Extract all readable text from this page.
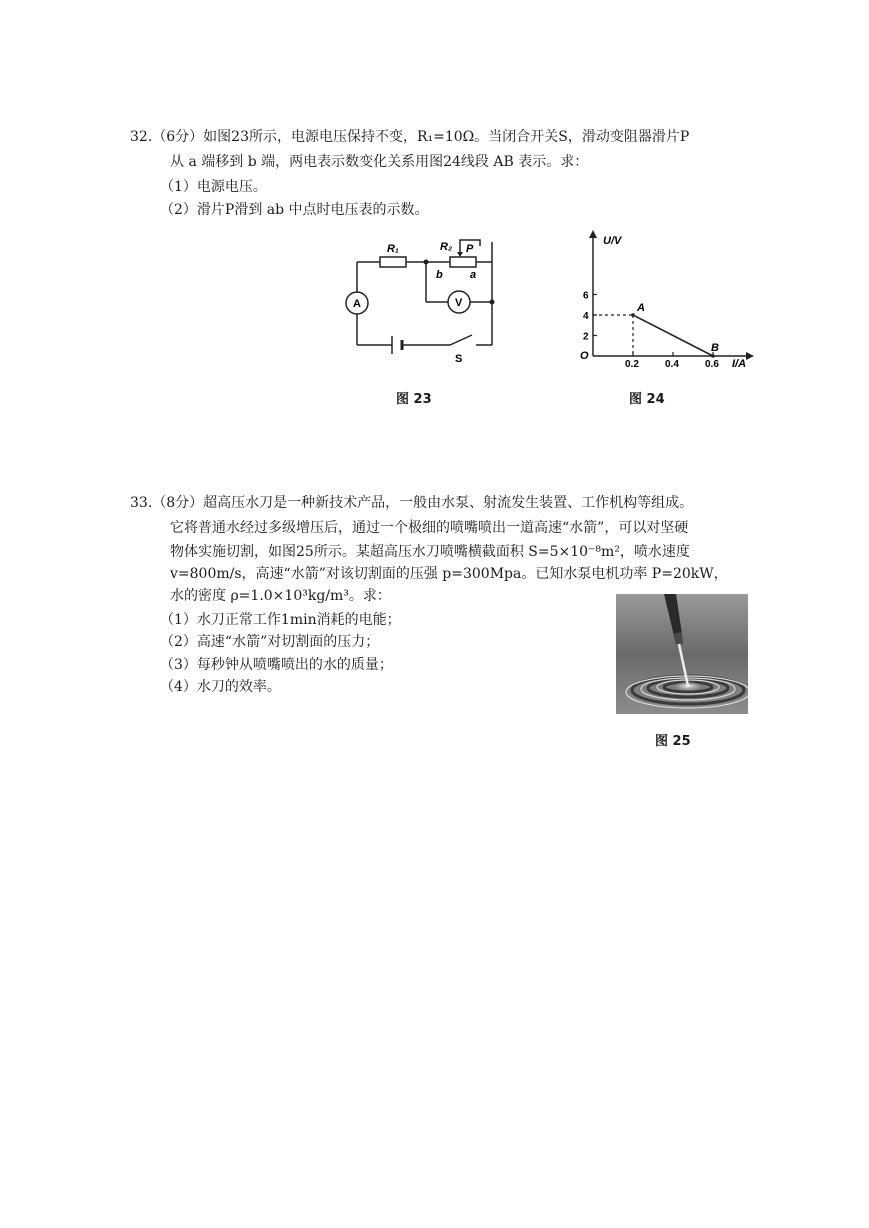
32.（6分）如图23所示，电源电压保持不变，R₁=10Ω。当闭合开关S，滑动变阻器滑片P
从 a 端移到 b 端，两电表示数变化关系用图24线段 AB 表示。求：
（1）电源电压。
（2）滑片P滑到 ab 中点时电压表的示数。
A	V
R₁	R₂ P
b a
S
图 23
0.2	0.4	0.6
2
4
6
A
B
U/V
I/A
O
图 24
33.（8分）超高压水刀是一种新技术产品，一般由水泵、射流发生装置、工作机构等组成。
它将普通水经过多级增压后，通过一个极细的喷嘴喷出一道高速“水箭”，可以对坚硬
物体实施切割，如图25所示。某超高压水刀喷嘴横截面积 S=5×10⁻⁸m²，喷水速度
v=800m/s，高速“水箭”对该切割面的压强 p=300Mpa。已知水泵电机功率 P=20kW，
水的密度 ρ=1.0×10³kg/m³。求：
（1）水刀正常工作1min消耗的电能；
（2）高速“水箭”对切割面的压力；
（3）每秒钟从喷嘴喷出的水的质量；
（4）水刀的效率。
图 25
